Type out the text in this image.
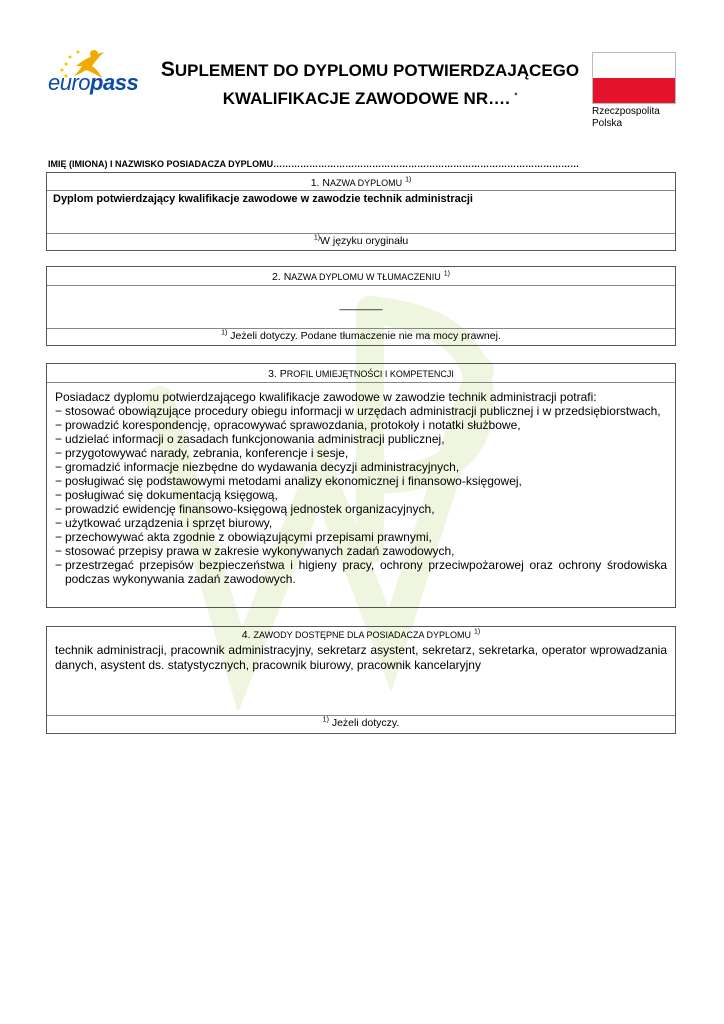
europass
SUPLEMENT DO DYPLOMU POTWIERDZAJĄCEGO
KWALIFIKACJE ZAWODOWE NR…. *
Rzeczpospolita
Polska
IMIĘ (IMIONA) I NAZWISKO POSIADACZA DYPLOMU…………………………………………………………………………………………
1. NAZWA DYPLOMU $^{1)}$
Dyplom potwierdzający kwalifikacje zawodowe w zawodzie technik administracji
$^{1)}$W języku oryginału
2. NAZWA DYPLOMU W TŁUMACZENIU $^{1)}$
_______
$^{1)}$ Jeżeli dotyczy. Podane tłumaczenie nie ma mocy prawnej.
3. PROFIL UMIEJĘTNOŚCI I KOMPETENCJI
Posiadacz dyplomu potwierdzającego kwalifikacje zawodowe w zawodzie technik administracji potrafi:
− stosować obowiązujące procedury obiegu informacji w urzędach administracji publicznej i w przedsiębiorstwach,
− prowadzić korespondencję, opracowywać sprawozdania, protokoły i notatki służbowe,
− udzielać informacji o zasadach funkcjonowania administracji publicznej,
− przygotowywać narady, zebrania, konferencje i sesje,
− gromadzić informacje niezbędne do wydawania decyzji administracyjnych,
− posługiwać się podstawowymi metodami analizy ekonomicznej i finansowo-księgowej,
− posługiwać się dokumentacją księgową,
− prowadzić ewidencję finansowo-księgową jednostek organizacyjnych,
− użytkować urządzenia i sprzęt biurowy,
− przechowywać akta zgodnie z obowiązującymi przepisami prawnymi,
− stosować przepisy prawa w zakresie wykonywanych zadań zawodowych,
− przestrzegać przepisów bezpieczeństwa i higieny pracy, ochrony przeciwpożarowej oraz ochrony środowiska podczas wykonywania zadań zawodowych.
4. ZAWODY DOSTĘPNE DLA POSIADACZA DYPLOMU $^{1)}$
technik administracji, pracownik administracyjny, sekretarz asystent, sekretarz, sekretarka, operator wprowadzania danych, asystent ds. statystycznych, pracownik biurowy, pracownik kancelaryjny
$^{1)}$ Jeżeli dotyczy.
